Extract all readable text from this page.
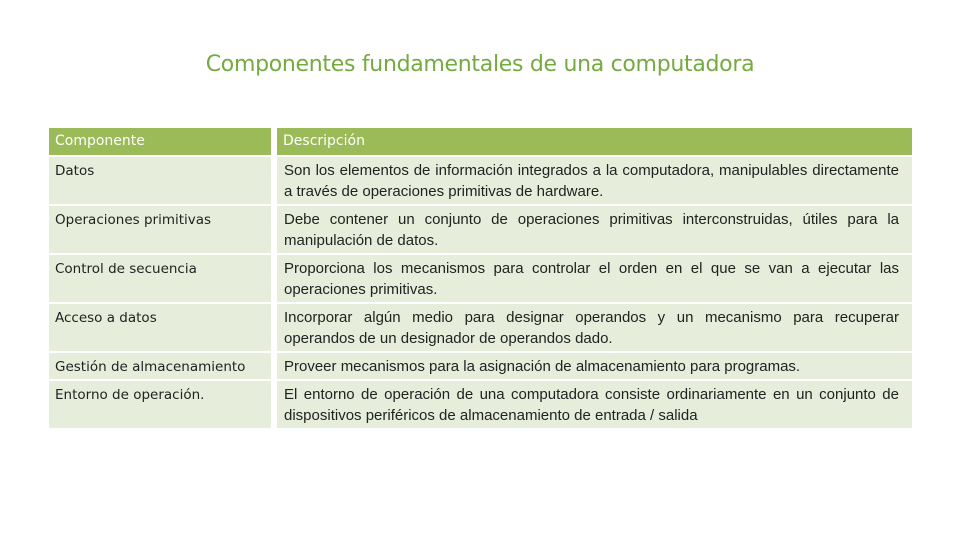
Componentes fundamentales de una computadora
Componente		Descripción

Datos		Son los elementos de información integrados a la computadora, manipulables directamente a través de operaciones primitivas de hardware.

Operaciones primitivas		Debe contener un conjunto de operaciones primitivas interconstruidas, útiles para la manipulación de datos.

Control de secuencia		Proporciona los mecanismos para controlar el orden en el que se van a ejecutar las operaciones primitivas.

Acceso a datos		Incorporar algún medio para designar operandos y un mecanismo para recuperar operandos de un designador de operandos dado.

Gestión de almacenamiento		Proveer mecanismos para la asignación de almacenamiento para programas.

Entorno de operación.		El entorno de operación de una computadora consiste ordinariamente en un conjunto de dispositivos periféricos de almacenamiento de entrada / salida
